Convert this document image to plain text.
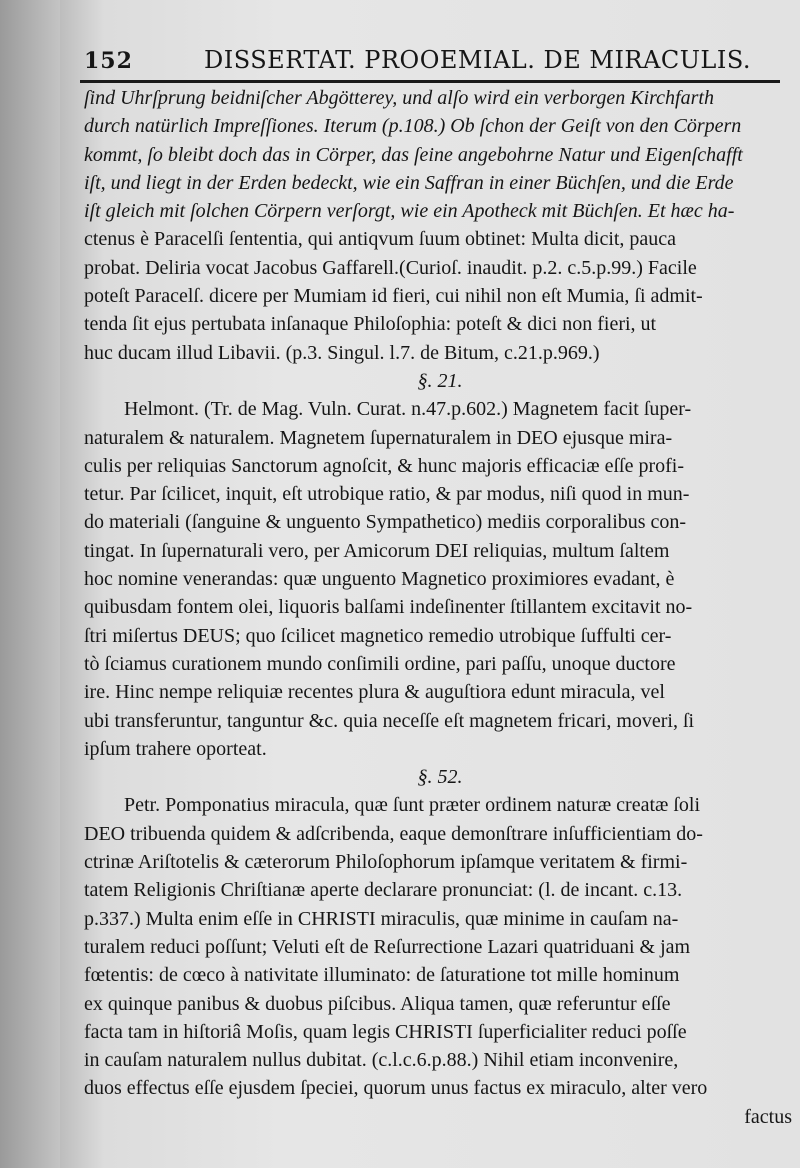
152	DISSERTAT. PROOEMIAL. DE MIRACULIS.
ſind Uhrſprung beidniſcher Abgötterey, und alſo wird ein verborgen Kirchfarth
durch natürlich Impreſſiones. Iterum (p.108.) Ob ſchon der Geiſt von den Cörpern
kommt, ſo bleibt doch das in Cörper, das ſeine angebohrne Natur und Eigenſchafft
iſt, und liegt in der Erden bedeckt, wie ein Saffran in einer Büchſen, und die Erde
iſt gleich mit ſolchen Cörpern verſorgt, wie ein Apotheck mit Büchſen. Et hæc ha-
ctenus è Paracelſi ſententia, qui antiqvum ſuum obtinet: Multa dicit, pauca
probat. Deliria vocat Jacobus Gaffarell.(Curioſ. inaudit. p.2. c.5.p.99.) Facile
poteſt Paracelſ. dicere per Mumiam id fieri, cui nihil non eſt Mumia, ſi admit-
tenda ſit ejus pertubata inſanaque Philoſophia: poteſt & dici non fieri, ut
huc ducam illud Libavii. (p.3. Singul. l.7. de Bitum, c.21.p.969.)
§. 21.
Helmont. (Tr. de Mag. Vuln. Curat. n.47.p.602.) Magnetem facit ſuper-
naturalem & naturalem. Magnetem ſupernaturalem in DEO ejusque mira-
culis per reliquias Sanctorum agnoſcit, & hunc majoris efficaciæ eſſe profi-
tetur. Par ſcilicet, inquit, eſt utrobique ratio, & par modus, niſi quod in mun-
do materiali (ſanguine & unguento Sympathetico) mediis corporalibus con-
tingat. In ſupernaturali vero, per Amicorum DEI reliquias, multum ſaltem
hoc nomine venerandas: quæ unguento Magnetico proximiores evadant, è
quibusdam fontem olei, liquoris balſami indeſinenter ſtillantem excitavit no-
ſtri miſertus DEUS; quo ſcilicet magnetico remedio utrobique ſuffulti cer-
tò ſciamus curationem mundo conſimili ordine, pari paſſu, unoque ductore
ire. Hinc nempe reliquiæ recentes plura & auguſtiora edunt miracula, vel
ubi transferuntur, tanguntur &c. quia neceſſe eſt magnetem fricari, moveri, ſi
ipſum trahere oporteat.
§. 52.
Petr. Pomponatius miracula, quæ ſunt præter ordinem naturæ creatæ ſoli
DEO tribuenda quidem & adſcribenda, eaque demonſtrare inſufficientiam do-
ctrinæ Ariſtotelis & cæterorum Philoſophorum ipſamque veritatem & firmi-
tatem Religionis Chriſtianæ aperte declarare pronunciat: (l. de incant. c.13.
p.337.) Multa enim eſſe in CHRISTI miraculis, quæ minime in cauſam na-
turalem reduci poſſunt; Veluti eſt de Reſurrectione Lazari quatriduani & jam
fœtentis: de cœco à nativitate illuminato: de ſaturatione tot mille hominum
ex quinque panibus & duobus piſcibus. Aliqua tamen, quæ referuntur eſſe
facta tam in hiſtoriâ Moſis, quam legis CHRISTI ſuperficialiter reduci poſſe
in cauſam naturalem nullus dubitat. (c.l.c.6.p.88.) Nihil etiam inconvenire,
duos effectus eſſe ejusdem ſpeciei, quorum unus factus ex miraculo, alter vero
factus
